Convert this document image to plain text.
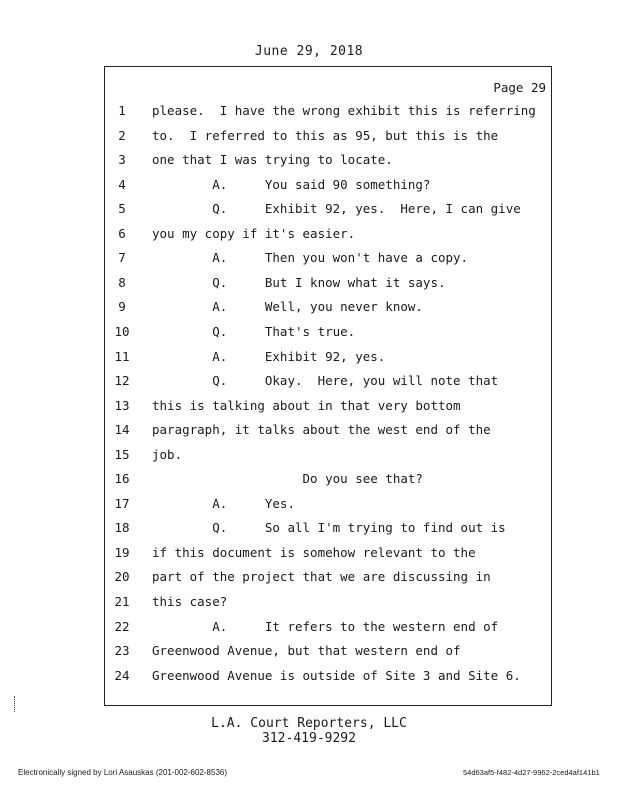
June 29, 2018
Page 29
1	please.  I have the wrong exhibit this is referring
2	to.  I referred to this as 95, but this is the
3	one that I was trying to locate.
4	A.     You said 90 something?
5	Q.     Exhibit 92, yes.  Here, I can give
6	you my copy if it's easier.
7	A.     Then you won't have a copy.
8	Q.     But I know what it says.
9	A.     Well, you never know.
10	Q.     That's true.
11	A.     Exhibit 92, yes.
12	Q.     Okay.  Here, you will note that
13	this is talking about in that very bottom
14	paragraph, it talks about the west end of the
15	job.
16	Do you see that?
17	A.     Yes.
18	Q.     So all I'm trying to find out is
19	if this document is somehow relevant to the
20	part of the project that we are discussing in
21	this case?
22	A.     It refers to the western end of
23	Greenwood Avenue, but that western end of
24	Greenwood Avenue is outside of Site 3 and Site 6.
L.A. Court Reporters, LLC
312-419-9292
Electronically signed by Lori Asauskas (201-002-602-8536)	54d63af5-f482-4d27-9962-2ced4af141b1
